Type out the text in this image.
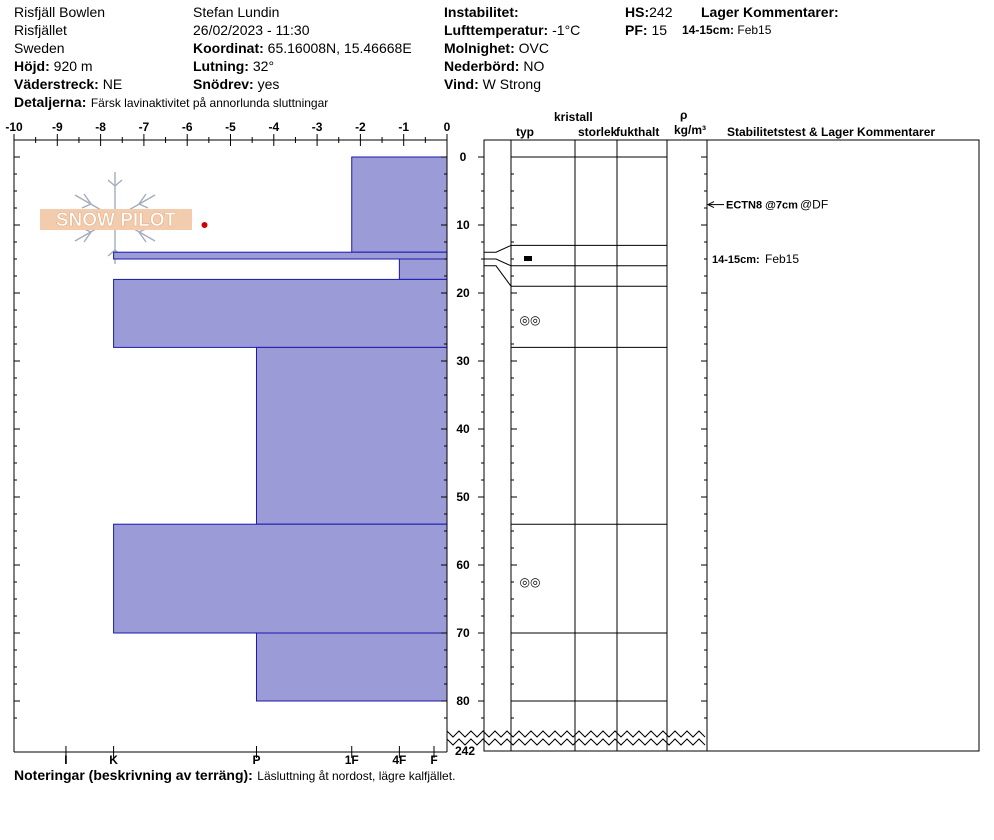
Risfjäll Bowlen
Risfjället
Sweden
Höjd: 920 m
Väderstreck: NE
Stefan Lundin
26/02/2023 - 11:30
Koordinat: 65.16008N, 15.46668E
Lutning: 32°
Snödrev: yes
Instabilitet:
Lufttemperatur: -1°C
Molnighet: OVC
Nederbörd: NO
Vind: W Strong
HS:242
PF: 15
Lager Kommentarer:
14-15cm: Feb15
Detaljerna: Färsk lavinaktivitet på annorlunda sluttningar
kristall
typ	storlek
fukthalt
ρ
kg/m³ Stabilitetstest & Lager Kommentarer
SNOW PILOT
-10 -9	-8	-7	-6	-5	-4	-3	-2	-1	0
0
10
20
30
40
50
60
70
80
I	K	P	1F	4F F
242
◎◎
◎◎
ECTN8 @7cm @DF
14-15cm: Feb15
Noteringar (beskrivning av terräng): Läsluttning åt nordost, lägre kalfjället.
